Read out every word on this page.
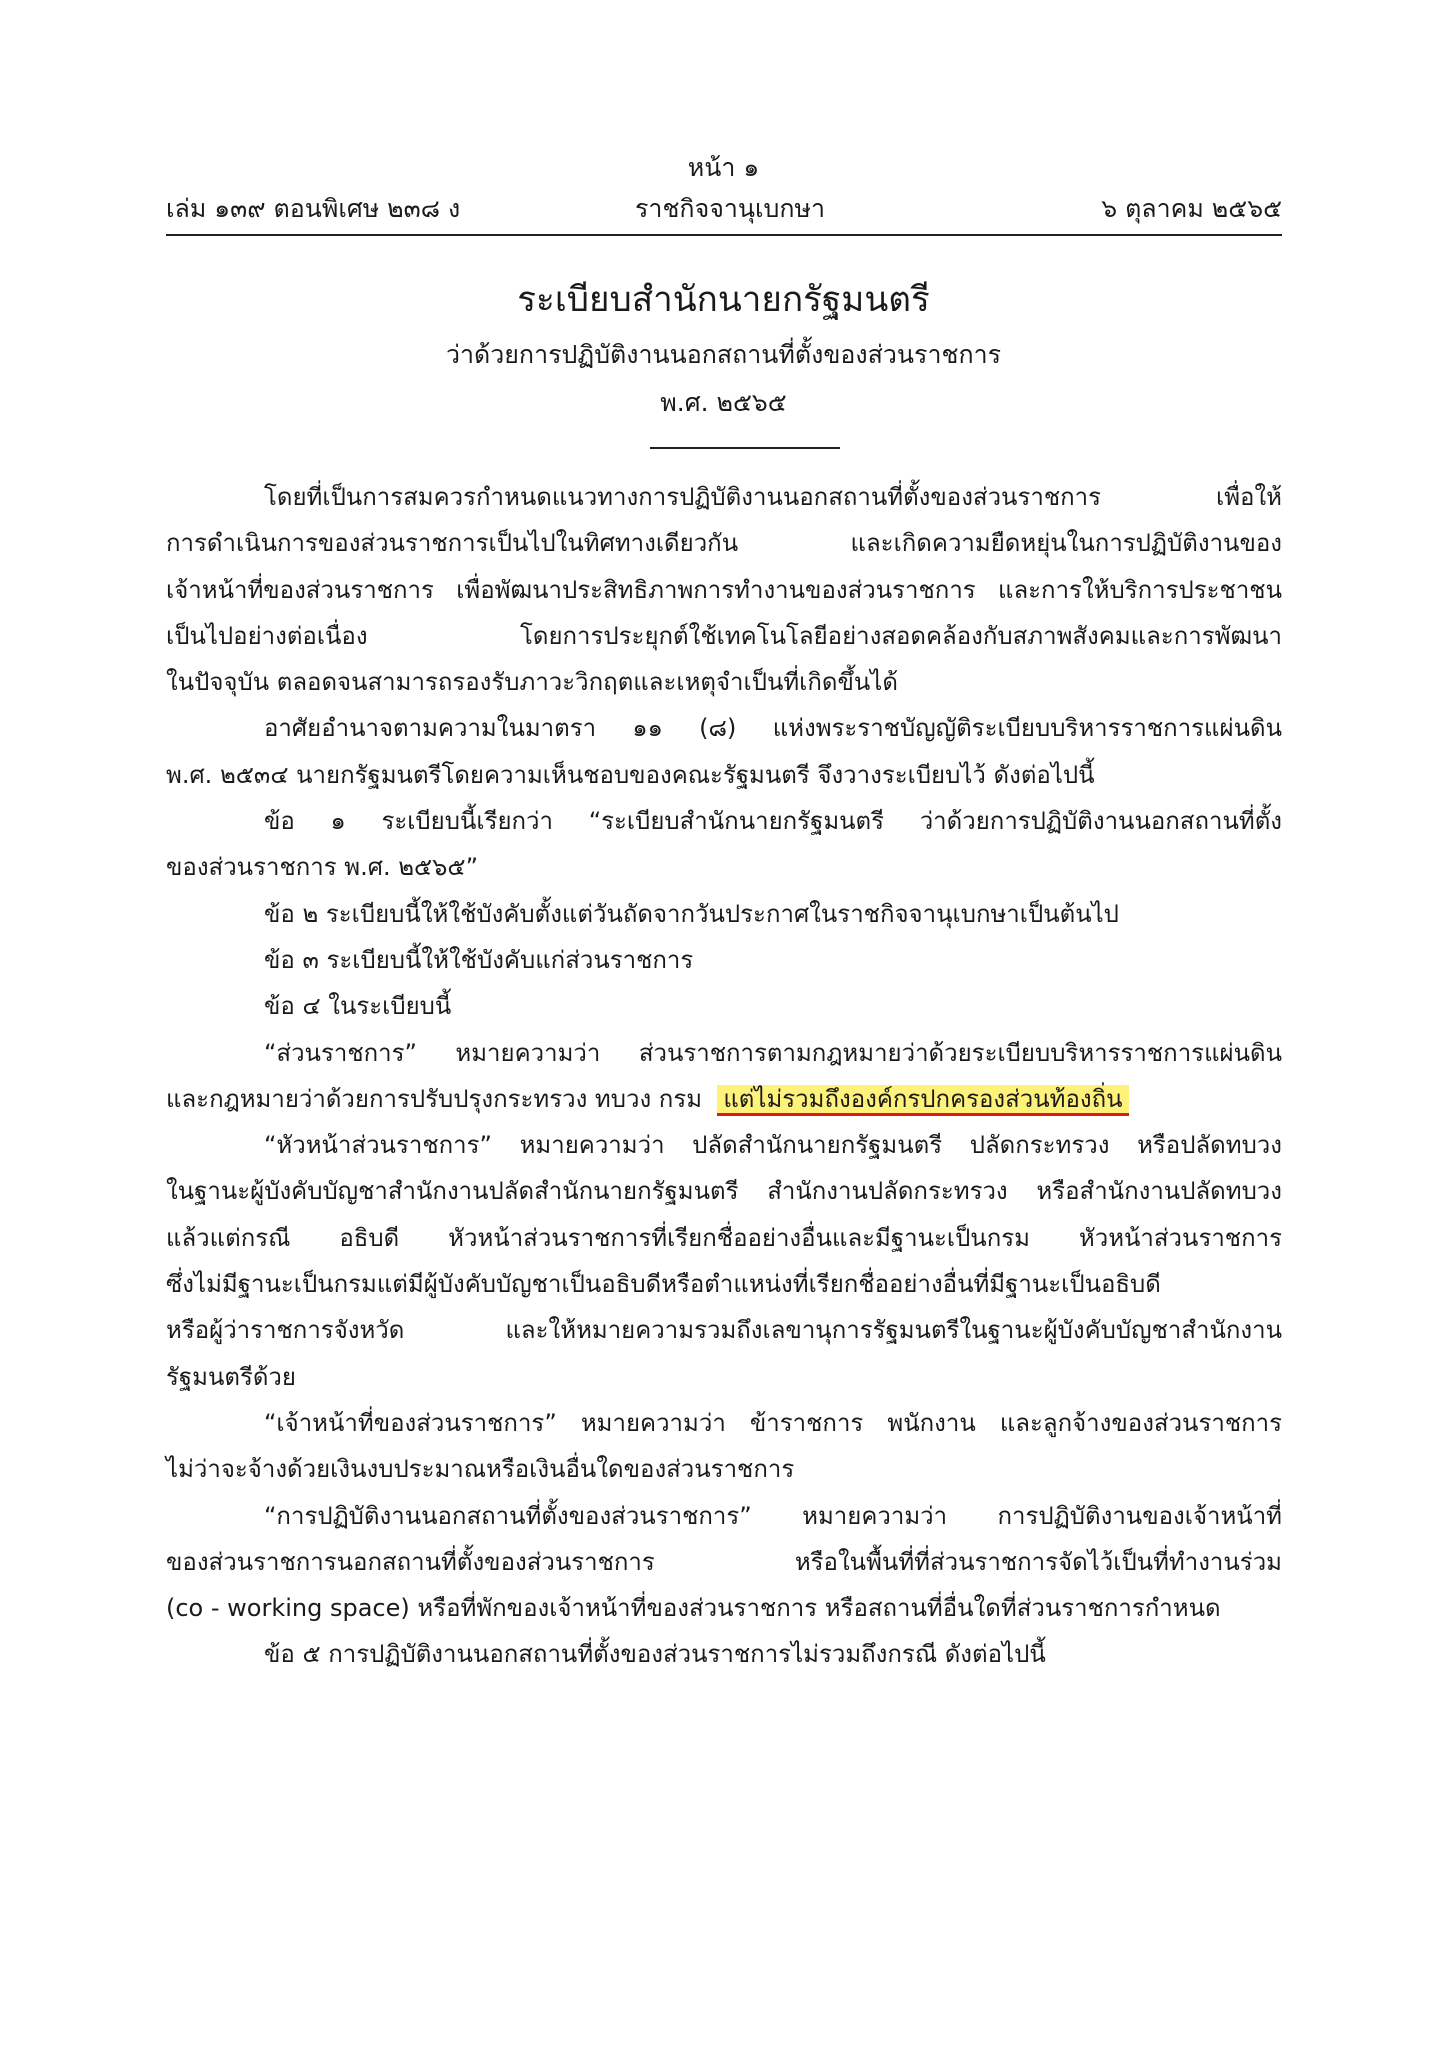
หน้า ๑
เล่ม ๑๓๙ ตอนพิเศษ ๒๓๘ ง	ราชกิจจานุเบกษา	๖ ตุลาคม ๒๕๖๕
ระเบียบสำนักนายกรัฐมนตรี
ว่าด้วยการปฏิบัติงานนอกสถานที่ตั้งของส่วนราชการ
พ.ศ. ๒๕๖๕

โดยที่เป็นการสมควรกำหนดแนวทางการปฏิบัติงานนอกสถานที่ตั้งของส่วนราชการ เพื่อให้

การดำเนินการของส่วนราชการเป็นไปในทิศทางเดียวกัน และเกิดความยืดหยุ่นในการปฏิบัติงานของ

เจ้าหน้าที่ของส่วนราชการ เพื่อพัฒนาประสิทธิภาพการทำงานของส่วนราชการ และการให้บริการประชาชน

เป็นไปอย่างต่อเนื่อง โดยการประยุกต์ใช้เทคโนโลยีอย่างสอดคล้องกับสภาพสังคมและการพัฒนา

ในปัจจุบัน ตลอดจนสามารถรองรับภาวะวิกฤตและเหตุจำเป็นที่เกิดขึ้นได้

อาศัยอำนาจตามความในมาตรา ๑๑ (๘) แห่งพระราชบัญญัติระเบียบบริหารราชการแผ่นดิน

พ.ศ. ๒๕๓๔ นายกรัฐมนตรีโดยความเห็นชอบของคณะรัฐมนตรี จึงวางระเบียบไว้ ดังต่อไปนี้

ข้อ ๑ ระเบียบนี้เรียกว่า “ระเบียบสำนักนายกรัฐมนตรี ว่าด้วยการปฏิบัติงานนอกสถานที่ตั้ง

ของส่วนราชการ พ.ศ. ๒๕๖๕”

ข้อ ๒ ระเบียบนี้ให้ใช้บังคับตั้งแต่วันถัดจากวันประกาศในราชกิจจานุเบกษาเป็นต้นไป

ข้อ ๓ ระเบียบนี้ให้ใช้บังคับแก่ส่วนราชการ

ข้อ ๔ ในระเบียบนี้

“ส่วนราชการ” หมายความว่า ส่วนราชการตามกฎหมายว่าด้วยระเบียบบริหารราชการแผ่นดิน

และกฎหมายว่าด้วยการปรับปรุงกระทรวง ทบวง กรม แต่ไม่รวมถึงองค์กรปกครองส่วนท้องถิ่น

“หัวหน้าส่วนราชการ” หมายความว่า ปลัดสำนักนายกรัฐมนตรี ปลัดกระทรวง หรือปลัดทบวง

ในฐานะผู้บังคับบัญชาสำนักงานปลัดสำนักนายกรัฐมนตรี สำนักงานปลัดกระทรวง หรือสำนักงานปลัดทบวง

แล้วแต่กรณี อธิบดี หัวหน้าส่วนราชการที่เรียกชื่ออย่างอื่นและมีฐานะเป็นกรม หัวหน้าส่วนราชการ

ซึ่งไม่มีฐานะเป็นกรมแต่มีผู้บังคับบัญชาเป็นอธิบดีหรือตำแหน่งที่เรียกชื่ออย่างอื่นที่มีฐานะเป็นอธิบดี

หรือผู้ว่าราชการจังหวัด และให้หมายความรวมถึงเลขานุการรัฐมนตรีในฐานะผู้บังคับบัญชาสำนักงาน

รัฐมนตรีด้วย

“เจ้าหน้าที่ของส่วนราชการ” หมายความว่า ข้าราชการ พนักงาน และลูกจ้างของส่วนราชการ

ไม่ว่าจะจ้างด้วยเงินงบประมาณหรือเงินอื่นใดของส่วนราชการ

“การปฏิบัติงานนอกสถานที่ตั้งของส่วนราชการ” หมายความว่า การปฏิบัติงานของเจ้าหน้าที่

ของส่วนราชการนอกสถานที่ตั้งของส่วนราชการ หรือในพื้นที่ที่ส่วนราชการจัดไว้เป็นที่ทำงานร่วม

(co - working space) หรือที่พักของเจ้าหน้าที่ของส่วนราชการ หรือสถานที่อื่นใดที่ส่วนราชการกำหนด

ข้อ ๕ การปฏิบัติงานนอกสถานที่ตั้งของส่วนราชการไม่รวมถึงกรณี ดังต่อไปนี้
